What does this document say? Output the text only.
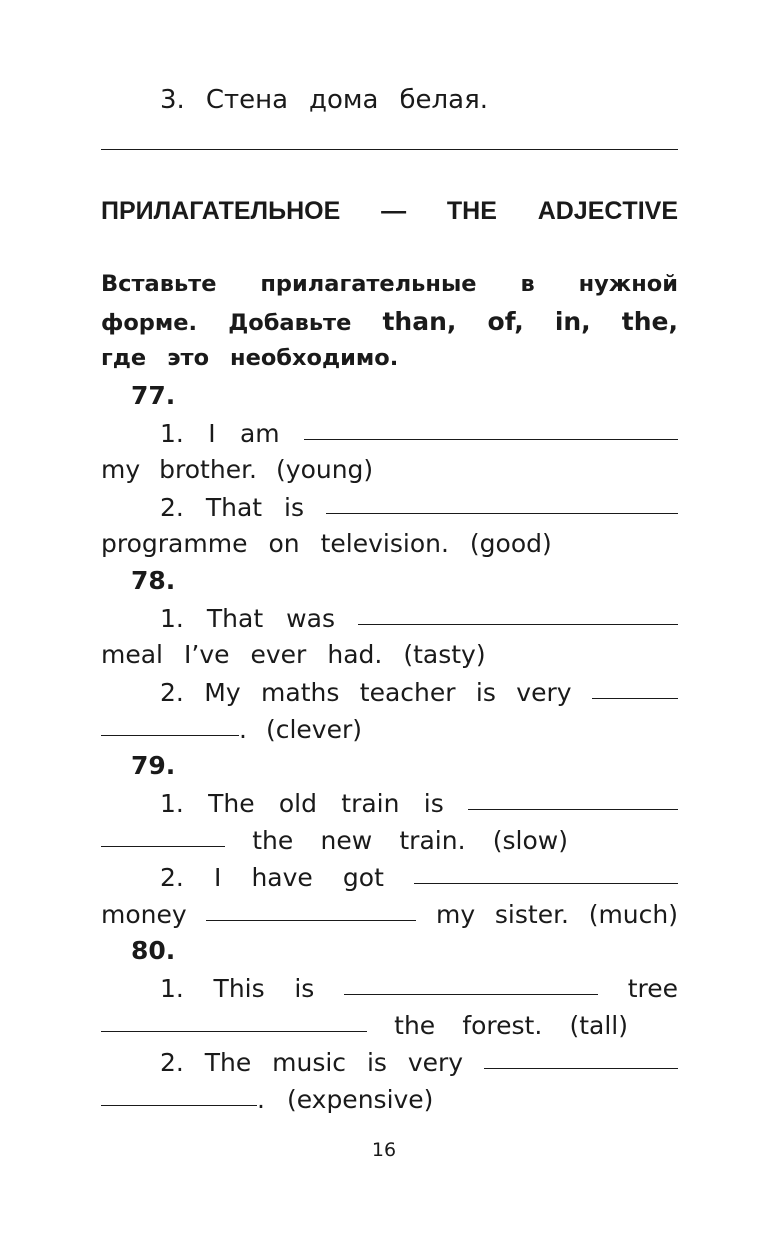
3. Стена дома белая.
ПРИЛАГАТЕЛЬНОЕ — THE ADJECTIVE
Вставьте прилагательные в нужной
форме. Добавьте than, of, in, the,
где это необходимо.
77.
1. I am
my brother. (young)
2. That is
programme on television. (good)
78.
1. That was
meal I’ve ever had. (tasty)
2. My maths teacher is very
. (clever)
79.
1. The old train is
the new train. (slow)
2. I have got
money	my sister. (much)
80.
1. This is	tree
the forest. (tall)
2. The music is very
. (expensive)
16
